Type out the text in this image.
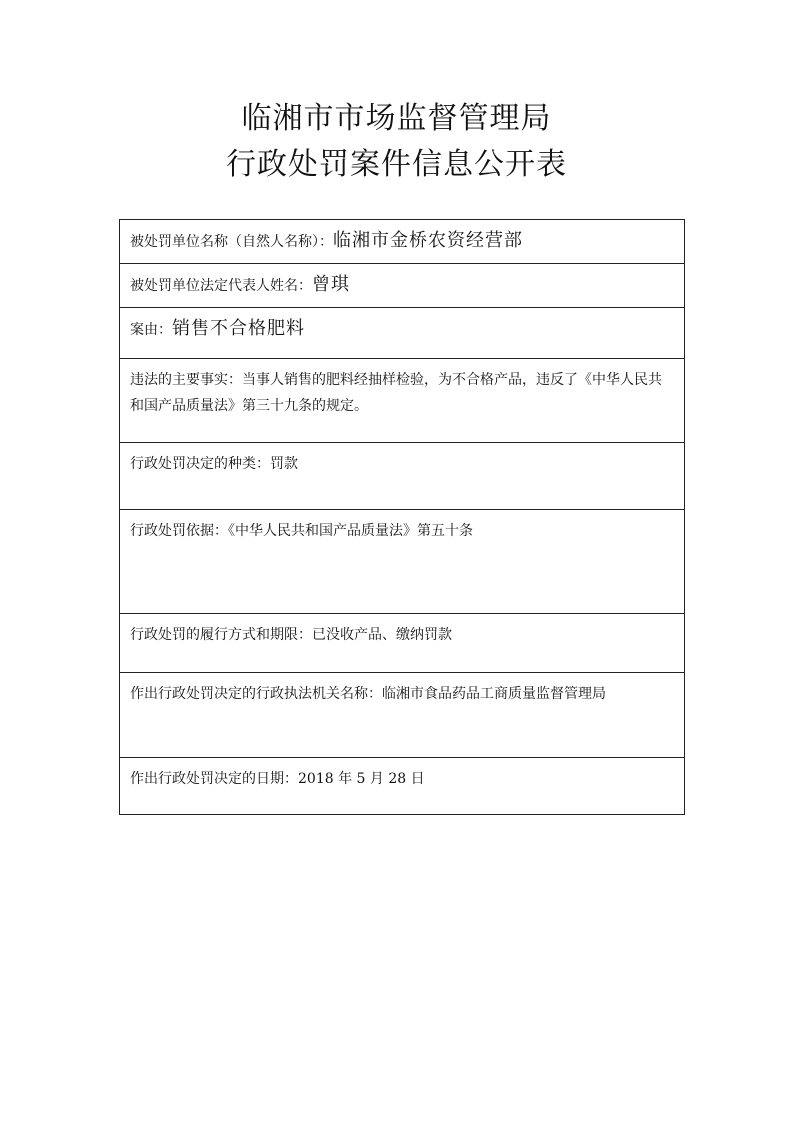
临湘市市场监督管理局
行政处罚案件信息公开表
被处罚单位名称（自然人名称）：临湘市金桥农资经营部
被处罚单位法定代表人姓名：曾琪
案由：销售不合格肥料
违法的主要事实：当事人销售的肥料经抽样检验，为不合格产品，违反了《中华人民共和国产品质量法》第三十九条的规定。
行政处罚决定的种类：罚款
行政处罚依据：《中华人民共和国产品质量法》第五十条
行政处罚的履行方式和期限：已没收产品、缴纳罚款
作出行政处罚决定的行政执法机关名称：临湘市食品药品工商质量监督管理局
作出行政处罚决定的日期：2018 年 5 月 28 日
